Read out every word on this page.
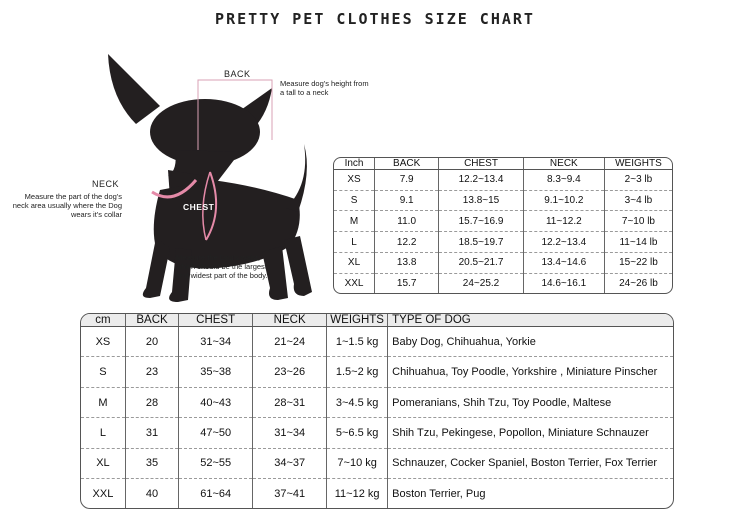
PRETTY PET CLOTHES SIZE CHART
BACK
Measure dog's height from a tall to a neck
NECK
Measure the part of the dog's neck area usually where the Dog wears it's collar
CHEST
Measure the Dog's waist, which should be the largest and widest part of the body.
Inch	BACK	CHEST	NECK	WEIGHTS
XS	7.9	12.2~13.4	8.3~9.4	2~3 lb
S	9.1	13.8~15	9.1~10.2	3~4 lb
M	11.0	15.7~16.9	11~12.2	7~10 lb
L	12.2	18.5~19.7	12.2~13.4	11~14 lb
XL	13.8	20.5~21.7	13.4~14.6	15~22 lb
XXL	15.7	24~25.2	14.6~16.1	24~26 lb
cm	BACK	CHEST	NECK	WEIGHTS	TYPE OF DOG
XS	20	31~34	21~24	1~1.5 kg	Baby Dog, Chihuahua, Yorkie
S	23	35~38	23~26	1.5~2 kg	Chihuahua, Toy Poodle, Yorkshire , Miniature Pinscher
M	28	40~43	28~31	3~4.5 kg	Pomeranians, Shih Tzu, Toy Poodle, Maltese
L	31	47~50	31~34	5~6.5 kg	Shih Tzu, Pekingese, Popollon, Miniature Schnauzer
XL	35	52~55	34~37	7~10 kg	Schnauzer, Cocker Spaniel, Boston Terrier, Fox Terrier
XXL	40	61~64	37~41	11~12 kg	Boston Terrier, Pug
